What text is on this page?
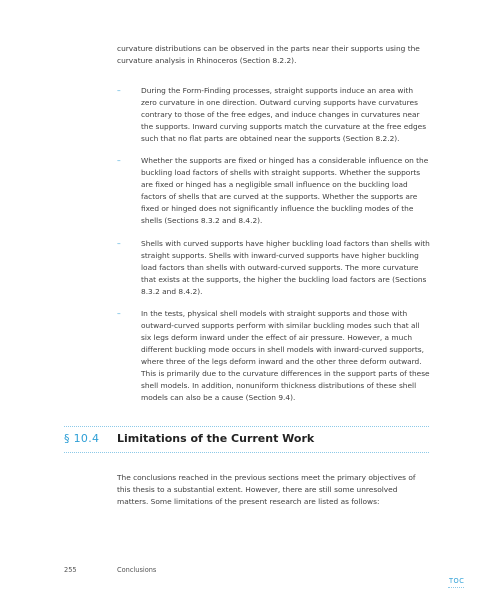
curvature distributions can be observed in the parts near their supports using the curvature analysis in Rhinoceros (Section 8.2.2).

–	During the Form-Finding processes, straight supports induce an area with zero curvature in one direction. Outward curving supports have curvatures contrary to those of the free edges, and induce changes in curvatures near the supports. Inward curving supports match the curvature at the free edges such that no flat parts are obtained near the supports (Section 8.2.2).
–	Whether the supports are fixed or hinged has a considerable influence on the buckling load factors of shells with straight supports. Whether the supports are fixed or hinged has a negligible small influence on the buckling load factors of shells that are curved at the supports. Whether the supports are fixed or hinged does not significantly influence the buckling modes of the shells (Sections 8.3.2 and 8.4.2).
–	Shells with curved supports have higher buckling load factors than shells with straight supports. Shells with inward-curved supports have higher buckling load factors than shells with outward-curved supports. The more curvature that exists at the supports, the higher the buckling load factors are (Sections 8.3.2 and 8.4.2).
–	In the tests, physical shell models with straight supports and those with outward-curved supports perform with similar buckling modes such that all six legs deform inward under the effect of air pressure. However, a much different buckling mode occurs in shell models with inward-curved supports, where three of the legs deform inward and the other three deform outward. This is primarily due to the curvature differences in the support parts of these shell models. In addition, nonuniform thickness distributions of these shell models can also be a cause (Section 9.4).
§ 10.4 Limitations of the Current Work

The conclusions reached in the previous sections meet the primary objectives of this thesis to a substantial extent. However, there are still some unresolved matters. Some limitations of the present research are listed as follows:

255	Conclusions
TOC
